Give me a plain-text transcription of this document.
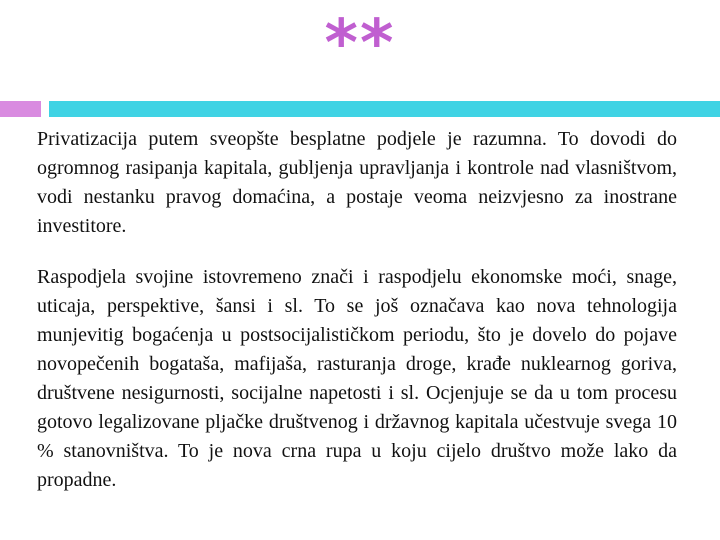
**

Privatizacija putem sveopšte besplatne podjele je razumna. To dovodi do ogromnog rasipanja kapitala, gubljenja upravljanja i kontrole nad vlasništvom, vodi nestanku pravog domaćina, a postaje veoma neizvjesno za inostrane investitore.

Raspodjela svojine istovremeno znači i raspodjelu ekonomske moći, snage, uticaja, perspektive, šansi i sl. To se još označava kao nova tehnologija munjevitig bogaćenja u postsocijalističkom periodu, što je dovelo do pojave novopečenih bogataša, mafijaša, rasturanja droge, krađe nuklearnog goriva, društvene nesigurnosti, socijalne napetosti i sl. Ocjenjuje se da u tom procesu gotovo legalizovane pljačke društvenog i državnog kapitala učestvuje svega 10 % stanovništva. To je nova crna rupa u koju cijelo društvo može lako da propadne.
